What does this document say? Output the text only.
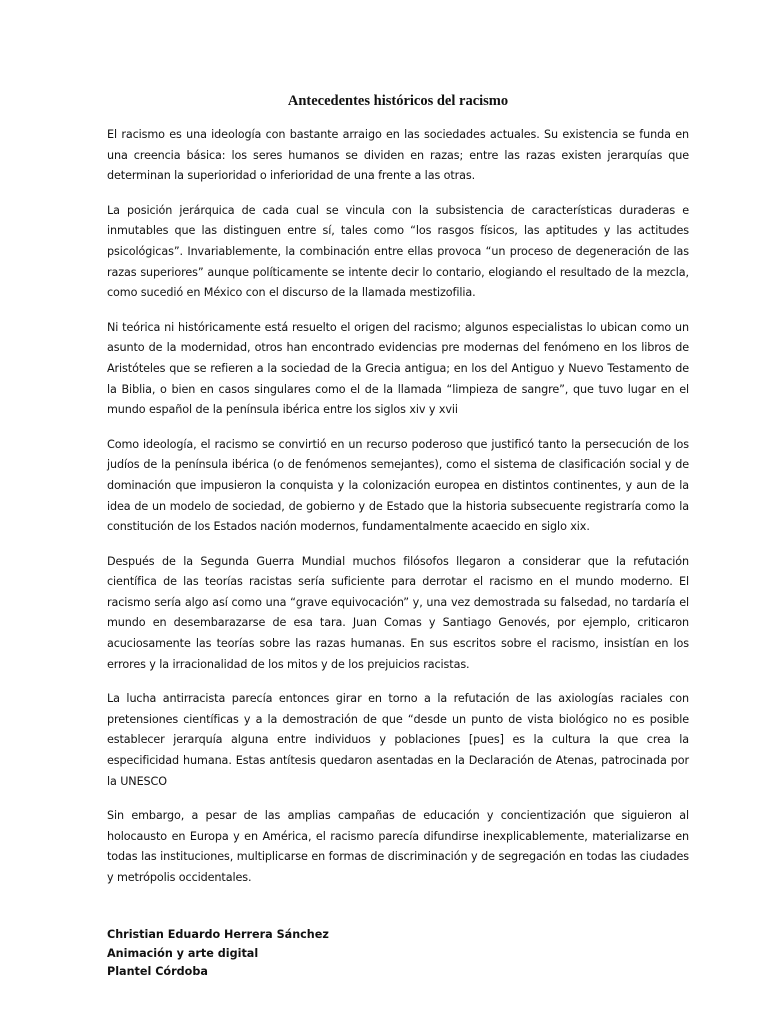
Antecedentes históricos del racismo

El racismo es una ideología con bastante arraigo en las sociedades actuales. Su existencia se funda en una creencia básica: los seres humanos se dividen en razas; entre las razas existen jerarquías que determinan la superioridad o inferioridad de una frente a las otras.

La posición jerárquica de cada cual se vincula con la subsistencia de características duraderas e inmutables que las distinguen entre sí, tales como “los rasgos físicos, las aptitudes y las actitudes psicológicas”. Invariablemente, la combinación entre ellas provoca “un proceso de degeneración de las razas superiores” aunque políticamente se intente decir lo contario, elogiando el resultado de la mezcla, como sucedió en México con el discurso de la llamada mestizofilia.

Ni teórica ni históricamente está resuelto el origen del racismo; algunos especialistas lo ubican como un asunto de la modernidad, otros han encontrado evidencias pre modernas del fenómeno en los libros de Aristóteles que se refieren a la sociedad de la Grecia antigua; en los del Antiguo y Nuevo Testamento de la Biblia, o bien en casos singulares como el de la llamada “limpieza de sangre”, que tuvo lugar en el mundo español de la península ibérica entre los siglos xiv y xvii

Como ideología, el racismo se convirtió en un recurso poderoso que justificó tanto la persecución de los judíos de la península ibérica (o de fenómenos semejantes), como el sistema de clasificación social y de dominación que impusieron la conquista y la colonización europea en distintos continentes, y aun de la idea de un modelo de sociedad, de gobierno y de Estado que la historia subsecuente registraría como la constitución de los Estados nación modernos, fundamentalmente acaecido en siglo xix.

Después de la Segunda Guerra Mundial muchos filósofos llegaron a considerar que la refutación científica de las teorías racistas sería suficiente para derrotar el racismo en el mundo moderno. El racismo sería algo así como una “grave equivocación” y, una vez demostrada su falsedad, no tardaría el mundo en desembarazarse de esa tara. Juan Comas y Santiago Genovés, por ejemplo, criticaron acuciosamente las teorías sobre las razas humanas. En sus escritos sobre el racismo, insistían en los errores y la irracionalidad de los mitos y de los prejuicios racistas.

La lucha antirracista parecía entonces girar en torno a la refutación de las axiologías raciales con pretensiones científicas y a la demostración de que “desde un punto de vista biológico no es posible establecer jerarquía alguna entre individuos y poblaciones [pues] es la cultura la que crea la especificidad humana. Estas antítesis quedaron asentadas en la Declaración de Atenas, patrocinada por la UNESCO

Sin embargo, a pesar de las amplias campañas de educación y concientización que siguieron al holocausto en Europa y en América, el racismo parecía difundirse inexplicablemente, materializarse en todas las instituciones, multiplicarse en formas de discriminación y de segregación en todas las ciudades y metrópolis occidentales.

Christian Eduardo Herrera Sánchez
Animación y arte digital
Plantel Córdoba
